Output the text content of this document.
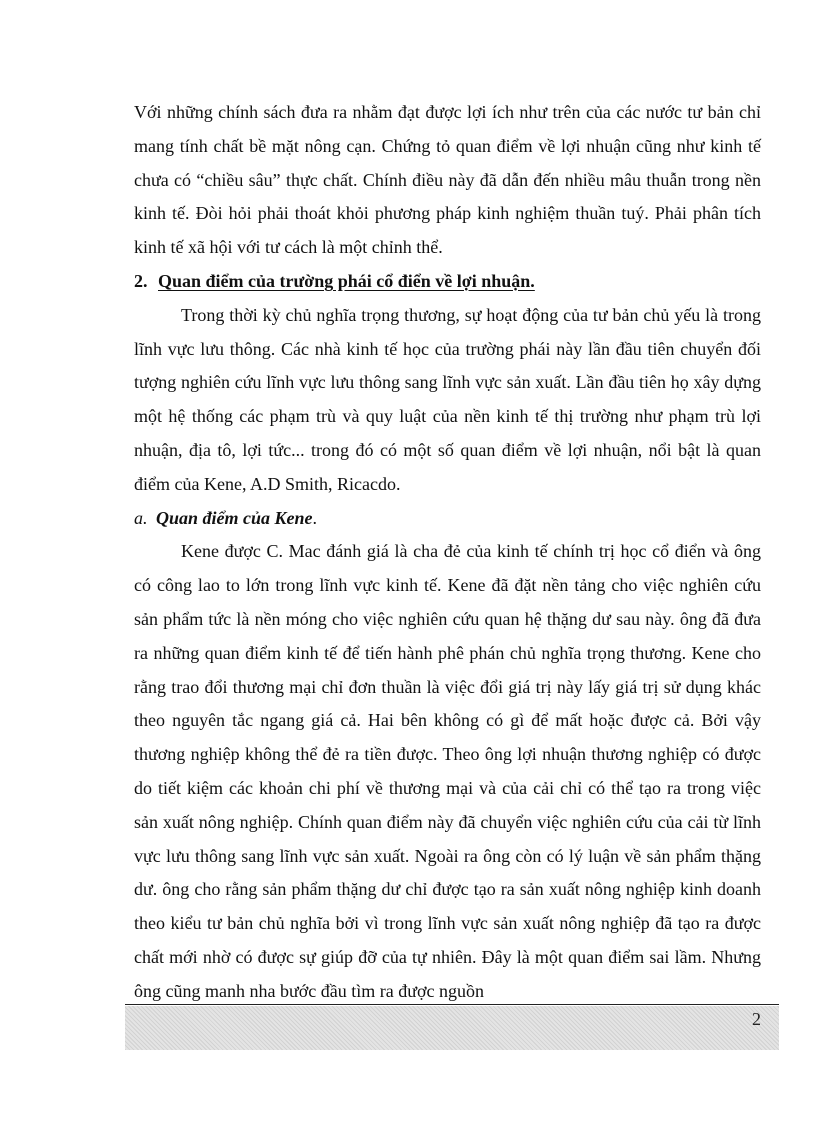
Với những chính sách đưa ra nhằm đạt được lợi ích như trên của các nước tư bản chỉ mang tính chất bề mặt nông cạn. Chứng tỏ quan điểm về lợi nhuận cũng như kinh tế chưa có “chiều sâu” thực chất. Chính điều này đã dẫn đến nhiều mâu thuẫn trong nền kinh tế. Đòi hỏi phải thoát khỏi phương pháp kinh nghiệm thuần tuý. Phải phân tích kinh tế xã hội với tư cách là một chỉnh thể.

2. Quan điểm của trường phái cổ điển về lợi nhuận.

Trong thời kỳ chủ nghĩa trọng thương, sự hoạt động của tư bản chủ yếu là trong lĩnh vực lưu thông. Các nhà kinh tế học của trường phái này lần đầu tiên chuyển đối tượng nghiên cứu lĩnh vực lưu thông sang lĩnh vực sản xuất. Lần đầu tiên họ xây dựng một hệ thống các phạm trù và quy luật của nền kinh tế thị trường như phạm trù lợi nhuận, địa tô, lợi tức... trong đó có một số quan điểm về lợi nhuận, nổi bật là quan điểm của Kene, A.D Smith, Ricacdo.

a. Quan điểm của Kene.

Kene được C. Mac đánh giá là cha đẻ của kinh tế chính trị học cổ điển và ông có công lao to lớn trong lĩnh vực kinh tế. Kene đã đặt nền tảng cho việc nghiên cứu sản phẩm tức là nền móng cho việc nghiên cứu quan hệ thặng dư sau này. ông đã đưa ra những quan điểm kinh tế để tiến hành phê phán chủ nghĩa trọng thương. Kene cho rằng trao đổi thương mại chỉ đơn thuần là việc đổi giá trị này lấy giá trị sử dụng khác theo nguyên tắc ngang giá cả. Hai bên không có gì để mất hoặc được cả. Bởi vậy thương nghiệp không thể đẻ ra tiền được. Theo ông lợi nhuận thương nghiệp có được do tiết kiệm các khoản chi phí về thương mại và của cải chỉ có thể tạo ra trong việc sản xuất nông nghiệp. Chính quan điểm này đã chuyển việc nghiên cứu của cải từ lĩnh vực lưu thông sang lĩnh vực sản xuất. Ngoài ra ông còn có lý luận về sản phẩm thặng dư. ông cho rằng sản phẩm thặng dư chỉ được tạo ra sản xuất nông nghiệp kinh doanh theo kiểu tư bản chủ nghĩa bởi vì trong lĩnh vực sản xuất nông nghiệp đã tạo ra được chất mới nhờ có được sự giúp đỡ của tự nhiên. Đây là một quan điểm sai lầm. Nhưng ông cũng manh nha bước đầu tìm ra được nguồn

2
